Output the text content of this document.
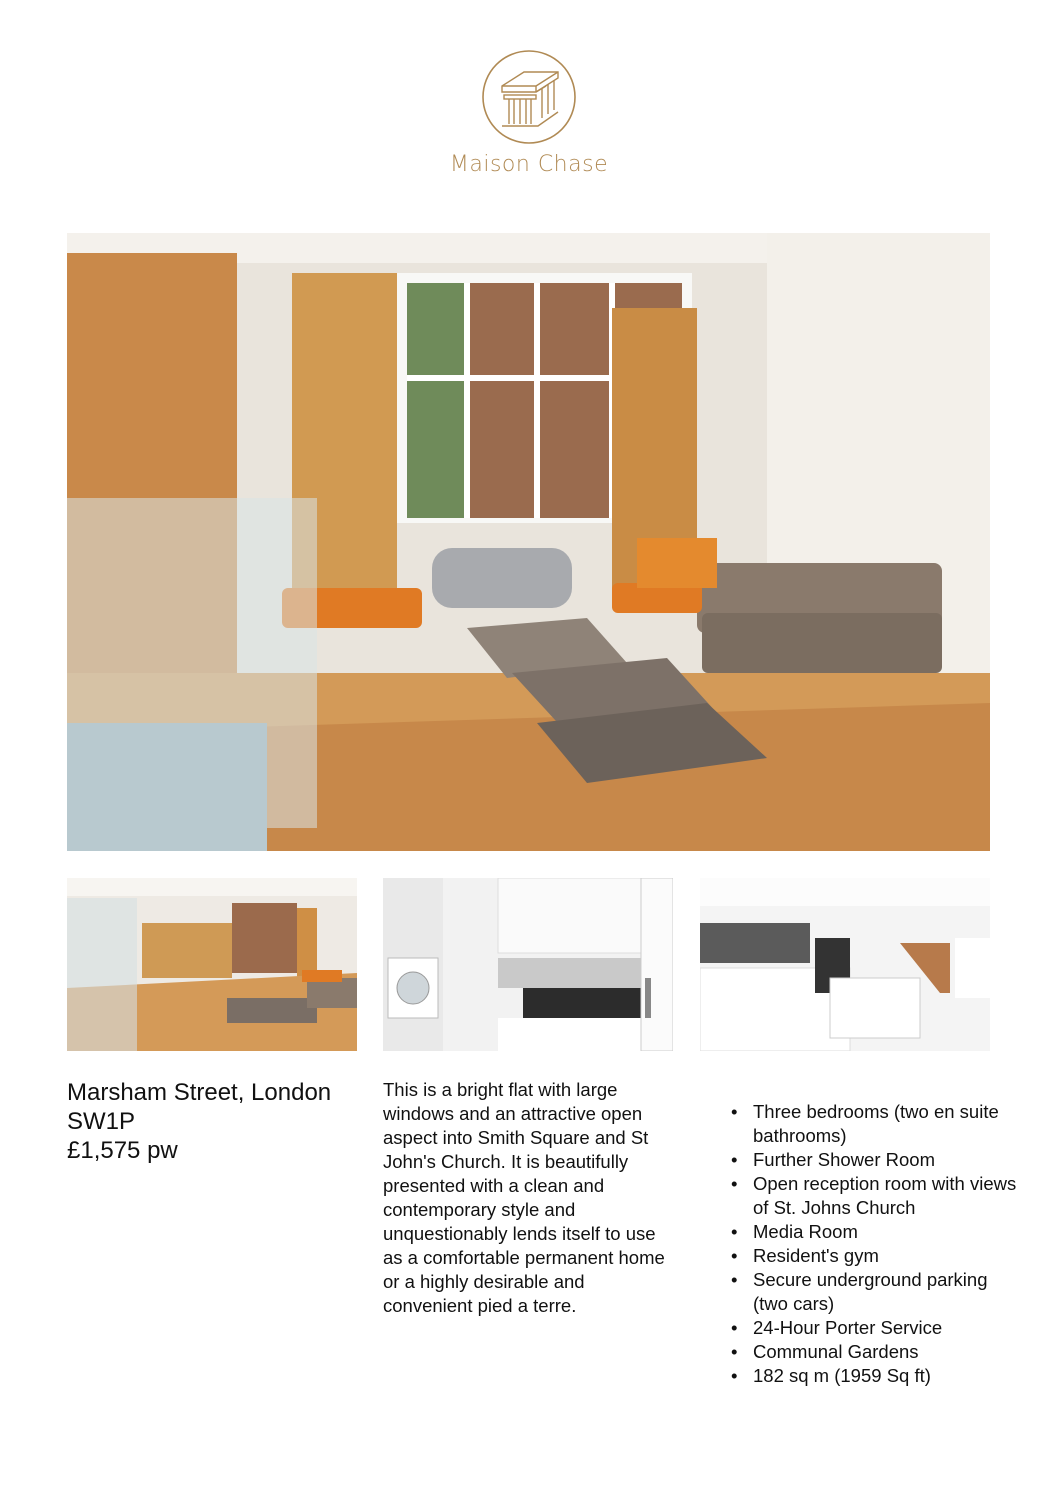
Maison Chase
Marsham Street, London
SW1P
£1,575 pw
This is a bright flat with large windows and an attractive open aspect into Smith Square and St John's Church. It is beautifully presented with a clean and contemporary style and unquestionably lends itself to use as a comfortable permanent home or a highly desirable and convenient pied a terre.
• Three bedrooms (two en suite bathrooms)
• Further Shower Room
• Open reception room with views of St. Johns Church
• Media Room
• Resident's gym
• Secure underground parking (two cars)
• 24-Hour Porter Service
• Communal Gardens
• 182 sq m (1959 Sq ft)
